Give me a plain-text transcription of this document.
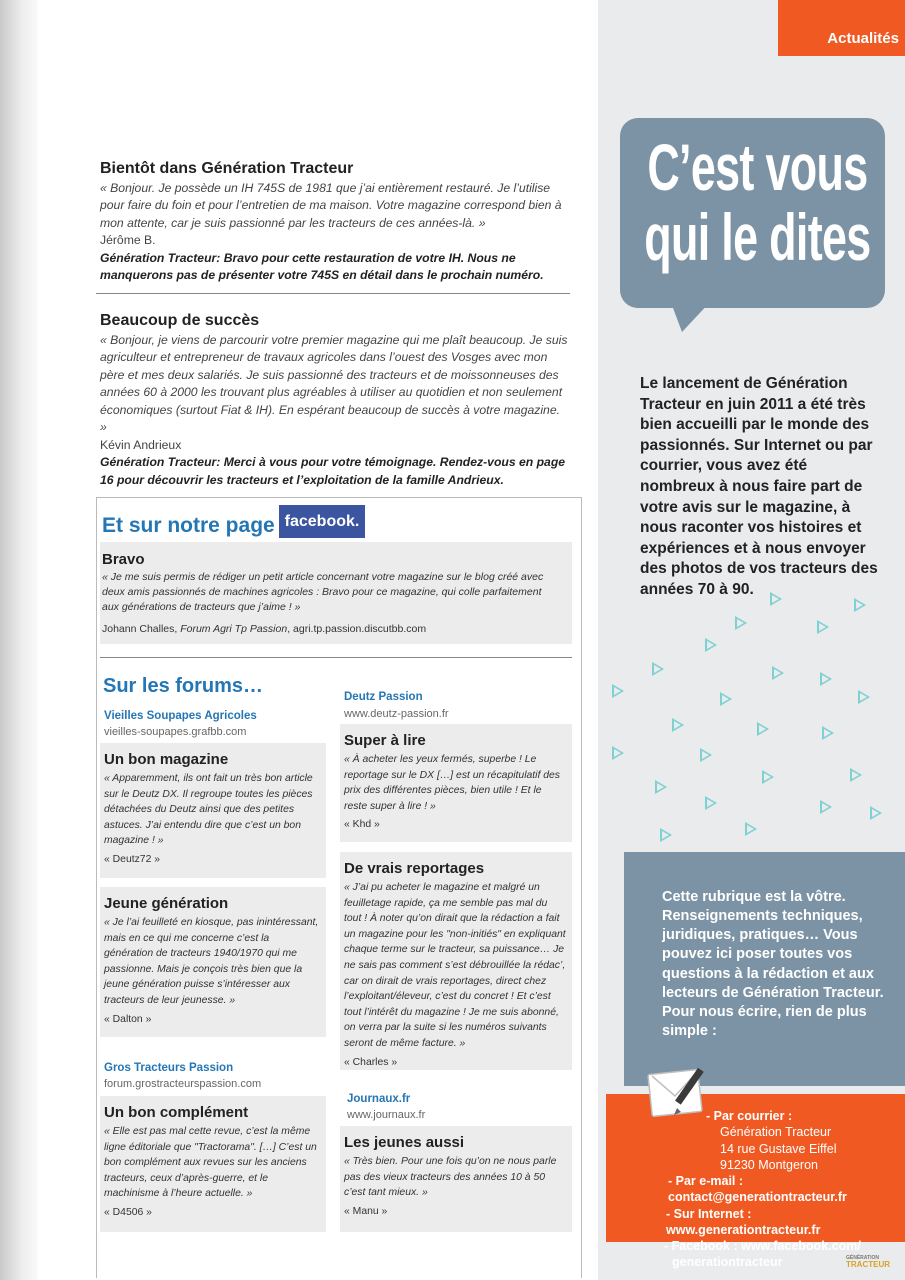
Actualités
C’est vous
qui le dites
Le lancement de Génération Tracteur en juin 2011 a été très bien accueilli par le monde des passionnés. Sur Internet ou par courrier, vous avez été nombreux à nous faire part de votre avis sur le magazine, à nous raconter vos histoires et expériences et à nous envoyer des photos de vos tracteurs des années 70 à 90.
Bientôt dans Génération Tracteur

« Bonjour. Je possède un IH 745S de 1981 que j’ai entièrement restauré. Je l’utilise pour faire du foin et pour l’entretien de ma maison. Votre magazine correspond bien à mon attente, car je suis passionné par les tracteurs de ces années-là. »

Jérôme B.

Génération Tracteur: Bravo pour cette restauration de votre IH. Nous ne manquerons pas de présenter votre 745S en détail dans le prochain numéro.

Beaucoup de succès

« Bonjour, je viens de parcourir votre premier magazine qui me plaît beaucoup. Je suis agriculteur et entrepreneur de travaux agricoles dans l’ouest des Vosges avec mon père et mes deux salariés. Je suis passionné des tracteurs et de moissonneuses des années 60 à 2000 les trouvant plus agréables à utiliser au quotidien et non seulement économiques (surtout Fiat & IH). En espérant beaucoup de succès à votre magazine. »

Kévin Andrieux

Génération Tracteur: Merci à vous pour votre témoignage. Rendez-vous en page 16 pour découvrir les tracteurs et l’exploitation de la famille Andrieux.

Et sur notre page facebook.
Bravo

« Je me suis permis de rédiger un petit article concernant votre magazine sur le blog créé avec deux amis passionnés de machines agricoles : Bravo pour ce magazine, qui colle parfaitement aux générations de tracteurs que j’aime ! »

Johann Challes, Forum Agri Tp Passion, agri.tp.passion.discutbb.com
Sur les forums…
Vieilles Soupapes Agricoles
vieilles-soupapes.grafbb.com
Deutz Passion
www.deutz-passion.fr
Un bon magazine

« Apparemment, ils ont fait un très bon article sur le Deutz DX. Il regroupe toutes les pièces détachées du Deutz ainsi que des petites astuces. J’ai entendu dire que c’est un bon magazine ! »

« Deutz72 »
Jeune génération

« Je l’ai feuilleté en kiosque, pas inintéressant, mais en ce qui me concerne c’est la génération de tracteurs 1940/1970 qui me passionne. Mais je conçois très bien que la jeune génération puisse s’intéresser aux tracteurs de leur jeunesse. »

« Dalton »
Gros Tracteurs Passion
forum.grostracteurspassion.com
Un bon complément

« Elle est pas mal cette revue, c’est la même ligne éditoriale que "Tractorama". […] C’est un bon complément aux revues sur les anciens tracteurs, ceux d’après-guerre, et le machinisme à l’heure actuelle. »

« D4506 »
Super à lire

« À acheter les yeux fermés, superbe ! Le reportage sur le DX […] est un récapitulatif des prix des différentes pièces, bien utile ! Et le reste super à lire ! »

« Khd »
De vrais reportages

« J’ai pu acheter le magazine et malgré un feuilletage rapide, ça me semble pas mal du tout ! À noter qu’on dirait que la rédaction a fait un magazine pour les "non-initiés" en expliquant chaque terme sur le tracteur, sa puissance… Je ne sais pas comment s’est débrouillée la rédac’, car on dirait de vrais reportages, direct chez l’exploitant/éleveur, c’est du concret ! Et c’est tout l’intérêt du magazine ! Je me suis abonné, on verra par la suite si les numéros suivants seront de même facture. »

« Charles »
Journaux.fr
www.journaux.fr
Les jeunes aussi

« Très bien. Pour une fois qu’on ne nous parle pas des vieux tracteurs des années 10 à 50 c’est tant mieux. »

« Manu »
Cette rubrique est la vôtre. Renseignements techniques, juridiques, pratiques… Vous pouvez ici poser toutes vos questions à la rédaction et aux lecteurs de Génération Tracteur. Pour nous écrire, rien de plus simple :
- Par courrier :
Génération Tracteur
14 rue Gustave Eiffel
91230 Montgeron
- Par e-mail : contact@generationtracteur.fr
- Sur Internet : www.generationtracteur.fr
- Facebook : www.facebook.com/
generationtracteur	GÉNÉRATION
TRACTEUR
